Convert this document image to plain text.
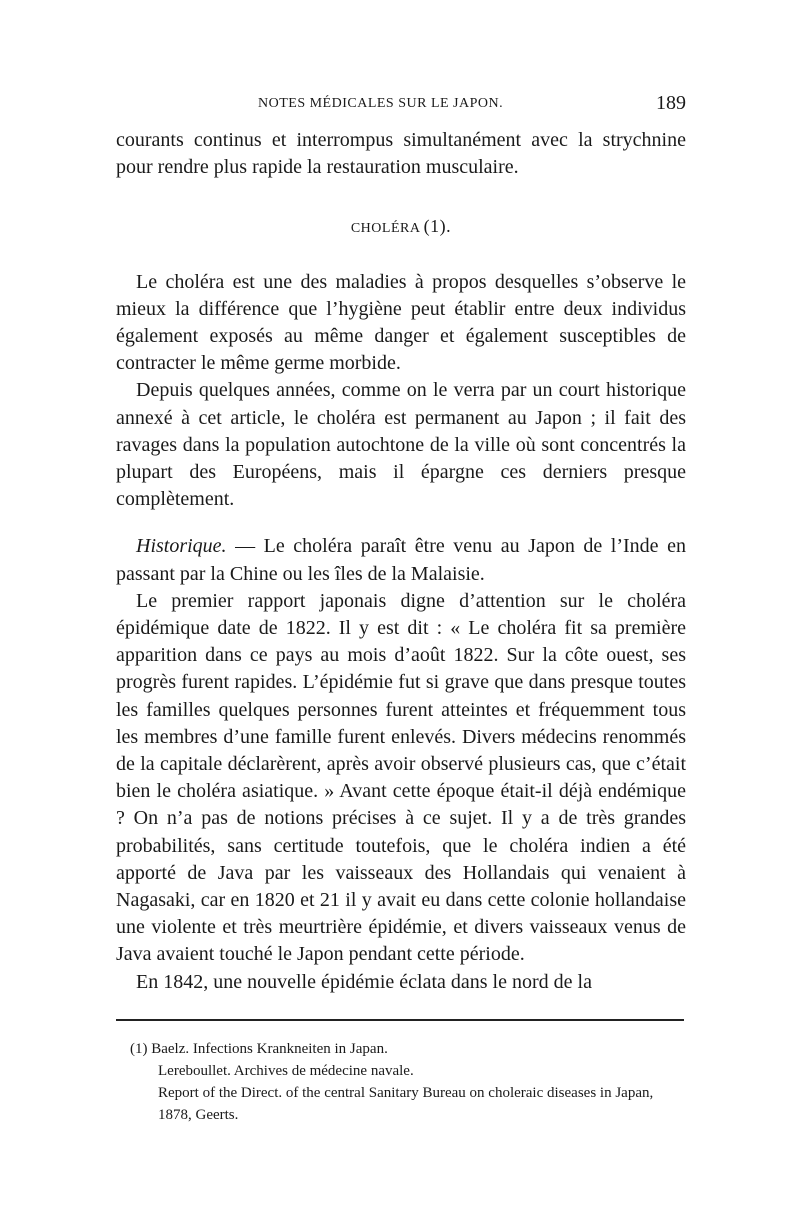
NOTES MÉDICALES SUR LE JAPON.	189

courants continus et interrompus simultanément avec la strychnine pour rendre plus rapide la restauration musculaire.

CHOLÉRA (1).

Le choléra est une des maladies à propos desquelles s’observe le mieux la différence que l’hygiène peut établir entre deux individus également exposés au même danger et également susceptibles de contracter le même germe morbide.

Depuis quelques années, comme on le verra par un court historique annexé à cet article, le choléra est permanent au Japon ; il fait des ravages dans la population autochtone de la ville où sont concentrés la plupart des Européens, mais il épargne ces derniers presque complètement.

Historique. — Le choléra paraît être venu au Japon de l’Inde en passant par la Chine ou les îles de la Malaisie.

Le premier rapport japonais digne d’attention sur le choléra épidémique date de 1822. Il y est dit : « Le choléra fit sa première apparition dans ce pays au mois d’août 1822. Sur la côte ouest, ses progrès furent rapides. L’épidémie fut si grave que dans presque toutes les familles quelques personnes furent atteintes et fréquemment tous les membres d’une famille furent enlevés. Divers médecins renommés de la capitale déclarèrent, après avoir observé plusieurs cas, que c’était bien le choléra asiatique. » Avant cette époque était-il déjà endémique ? On n’a pas de notions précises à ce sujet. Il y a de très grandes probabilités, sans certitude toutefois, que le choléra indien a été apporté de Java par les vaisseaux des Hollandais qui venaient à Nagasaki, car en 1820 et 21 il y avait eu dans cette colonie hollandaise une violente et très meurtrière épidémie, et divers vaisseaux venus de Java avaient touché le Japon pendant cette période.

En 1842, une nouvelle épidémie éclata dans le nord de la

(1) Baelz. Infections Krankneiten in Japan.

Lereboullet. Archives de médecine navale.

Report of the Direct. of the central Sanitary Bureau on choleraic diseases in Japan, 1878, Geerts.
